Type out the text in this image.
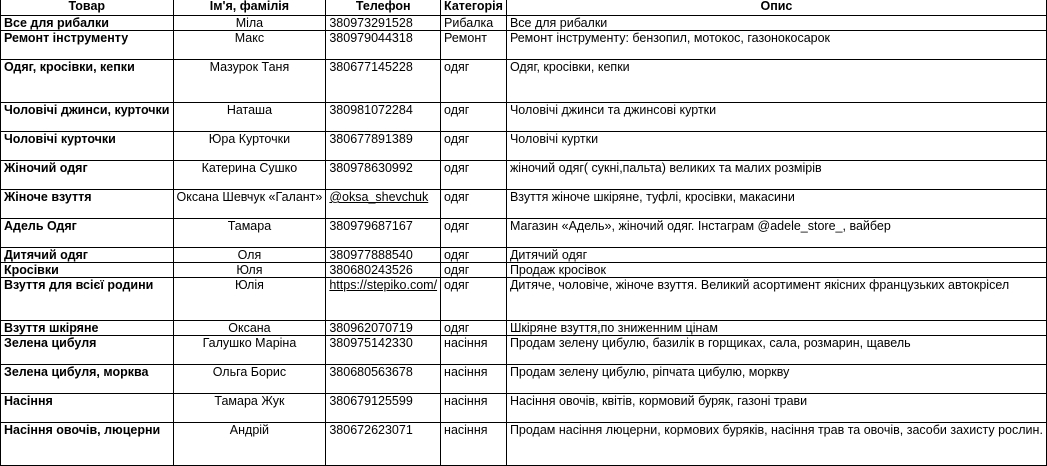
Товар	Ім'я, фамілія	Телефон	Категорія	Опис
Все для рибалки	Міла	380973291528	Рибалка	Все для рибалки
Ремонт інструменту	Макс	380979044318	Ремонт	Ремонт інструменту: бензопил, мотокос, газонокосарок
Одяг, кросівки, кепки	Мазурок Таня	380677145228	одяг	Одяг, кросівки, кепки
Чоловічі джинси, курточки	Наташа	380981072284	одяг	Чоловічі джинси та джинсові куртки
Чоловічі курточки	Юра Курточки	380677891389	одяг	Чоловічі куртки
Жіночий одяг	Катерина Сушко	380978630992	одяг	жіночий одяг( сукні,пальта) великих та малих розмірів
Жіноче взуття	Оксана Шевчук «Галант»	@oksa_shevchuk	одяг	Взуття жіноче шкіряне, туфлі, кросівки, макасини
Адель Одяг	Тамара	380979687167	одяг	Магазин «Адель», жіночий одяг. Інстаграм @adele_store_, вайбер
Дитячий одяг	Оля	380977888540	одяг	Дитячий одяг
Кросівки	Юля	380680243526	одяг	Продаж кросівок
Взуття для всієї родини	Юлія	https://stepiko.com/	одяг	Дитяче, чоловіче, жіноче взуття. Великий асортимент якісних французьких автокрісел
Взуття шкіряне	Оксана	380962070719	одяг	Шкіряне взуття,по зниженним цінам
Зелена цибуля	Галушко Маріна	380975142330	насіння	Продам зелену цибулю, базилік в горщиках, сала, розмарин, щавель
Зелена цибуля, морква	Ольга Борис	380680563678	насіння	Продам зелену цибулю, ріпчата цибулю, моркву
Насіння	Тамара Жук	380679125599	насіння	Насіння овочів, квітів, кормовий буряк, газоні трави
Насіння овочів, люцерни	Андрій	380672623071	насіння	Продам насіння люцерни, кормових буряків, насіння трав та овочів, засоби захисту рослин.
